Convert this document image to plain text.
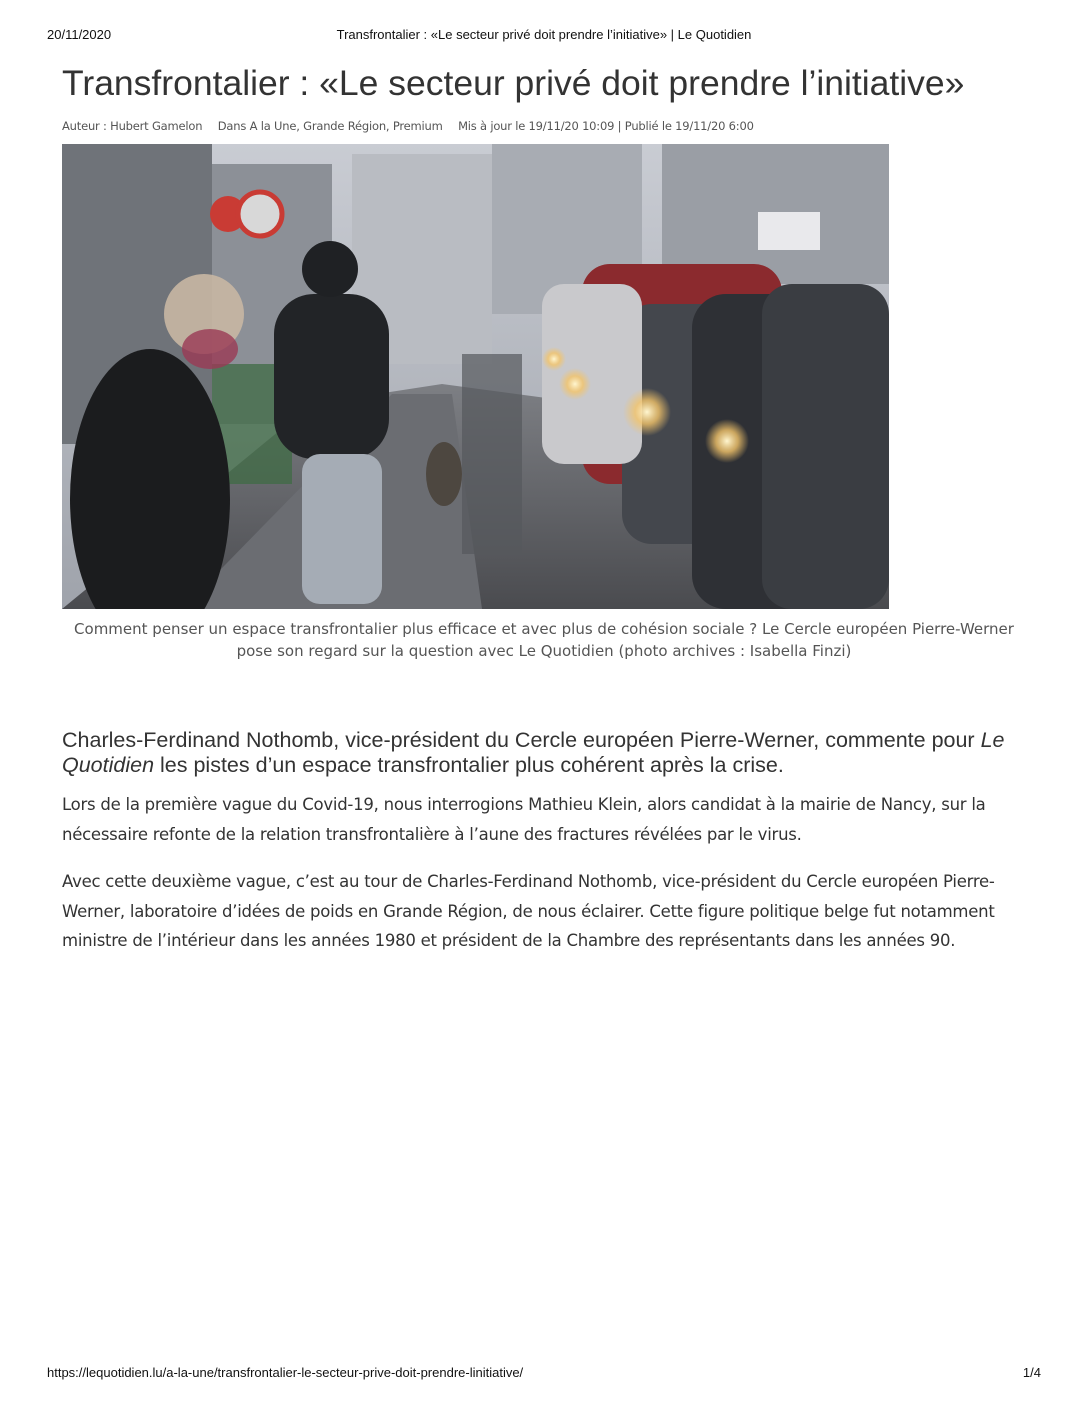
20/11/2020	Transfrontalier : «Le secteur privé doit prendre l’initiative» | Le Quotidien
Transfrontalier : «Le secteur privé doit prendre l’initiative»
Auteur : Hubert Gamelon Dans A la Une, Grande Région, Premium Mis à jour le 19/11/20 10:09 | Publié le 19/11/20 6:00
Comment penser un espace transfrontalier plus efficace et avec plus de cohésion sociale ? Le Cercle européen Pierre-Werner pose son regard sur la question avec Le Quotidien (photo archives : Isabella Finzi)

Charles-Ferdinand Nothomb, vice-président du Cercle européen Pierre-Werner, commente pour Le Quotidien les pistes d’un espace transfrontalier plus cohérent après la crise.

Lors de la première vague du Covid-19, nous interrogions Mathieu Klein, alors candidat à la mairie de Nancy, sur la nécessaire refonte de la relation transfrontalière à l’aune des fractures révélées par le virus.

Avec cette deuxième vague, c’est au tour de Charles-Ferdinand Nothomb, vice-président du Cercle européen Pierre-Werner, laboratoire d’idées de poids en Grande Région, de nous éclairer. Cette figure politique belge fut notamment ministre de l’intérieur dans les années 1980 et président de la Chambre des représentants dans les années 90.

https://lequotidien.lu/a-la-une/transfrontalier-le-secteur-prive-doit-prendre-linitiative/	1/4
